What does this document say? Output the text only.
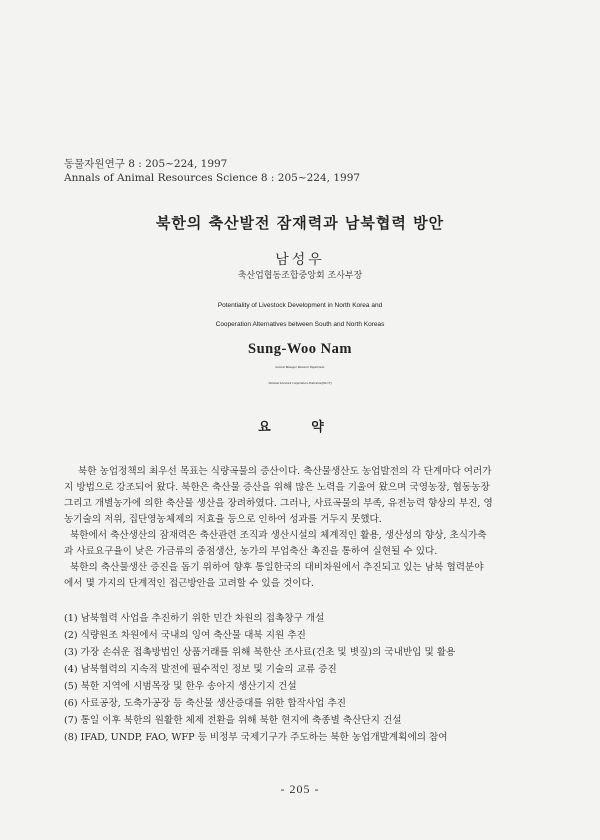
동물자원연구 8 : 205~224, 1997
Annals of Animal Resources Science 8 : 205~224, 1997
북한의 축산발전 잠재력과 남북협력 방안
남성우
축산업협동조합중앙회 조사부장
Potentiality of Livestock Development in North Korea and
Cooperation Alternatives between South and North Koreas
Sung-Woo Nam
General Manager, Research Department,
National Livestock Cooperatives Federation(NLCF)
요 약
북한 농업정책의 최우선 목표는 식량곡물의 증산이다. 축산물생산도 농업발전의 각 단계마다 여러가
지 방법으로 강조되어 왔다. 북한은 축산물 증산을 위해 많은 노력을 기울여 왔으며 국영농장, 협동농장
그리고 개별농가에 의한 축산물 생산을 장려하였다. 그러나, 사료곡물의 부족, 유전능력 향상의 부진, 영
농기술의 저위, 집단영농체제의 저효율 등으로 인하여 성과를 거두지 못했다.
북한에서 축산생산의 잠재력은 축산관련 조직과 생산시설의 체계적인 활용, 생산성의 향상, 초식가축
과 사료요구율이 낮은 가금류의 중점생산, 농가의 부업축산 촉진을 통하여 실현될 수 있다.
북한의 축산물생산 증진을 돕기 위하여 향후 통일한국의 대비차원에서 추진되고 있는 남북 협력분야
에서 몇 가지의 단계적인 접근방안을 고려할 수 있을 것이다.
(1) 남북협력 사업을 추진하기 위한 민간 차원의 접촉창구 개설
(2) 식량원조 차원에서 국내의 잉여 축산물 대북 지원 추진
(3) 가장 손쉬운 접촉방법인 상품거래를 위해 북한산 조사료(건초 및 볏짚)의 국내반입 및 활용
(4) 남북협력의 지속적 발전에 필수적인 정보 및 기술의 교류 증진
(5) 북한 지역에 시범목장 및 한우 송아지 생산기지 건설
(6) 사료공장, 도축가공장 등 축산물 생산증대를 위한 합작사업 추진
(7) 통일 이후 북한의 원활한 체제 전환을 위해 북한 현지에 축종별 축산단지 건설
(8) IFAD, UNDP, FAO, WFP 등 비정부 국제기구가 주도하는 북한 농업개발계획에의 참여
- 205 -
